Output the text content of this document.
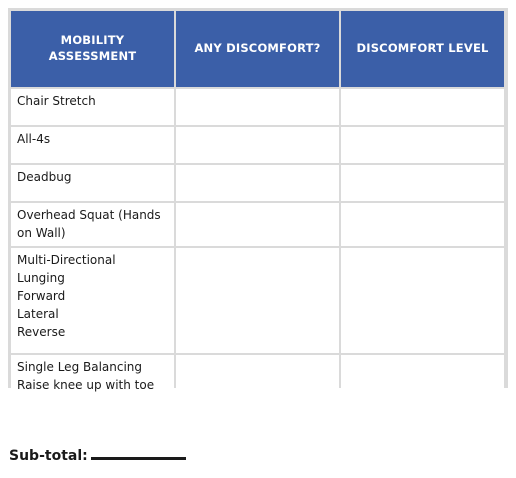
MOBILITY
ASSESSMENT
ANY DISCOMFORT?	DISCOMFORT LEVEL
Chair Stretch
All-4s
Deadbug
Overhead Squat (Hands
on Wall)
Multi-Directional
Lunging
Forward
Lateral
Reverse
Single Leg Balancing
Raise knee up with toe
Sub-total:
